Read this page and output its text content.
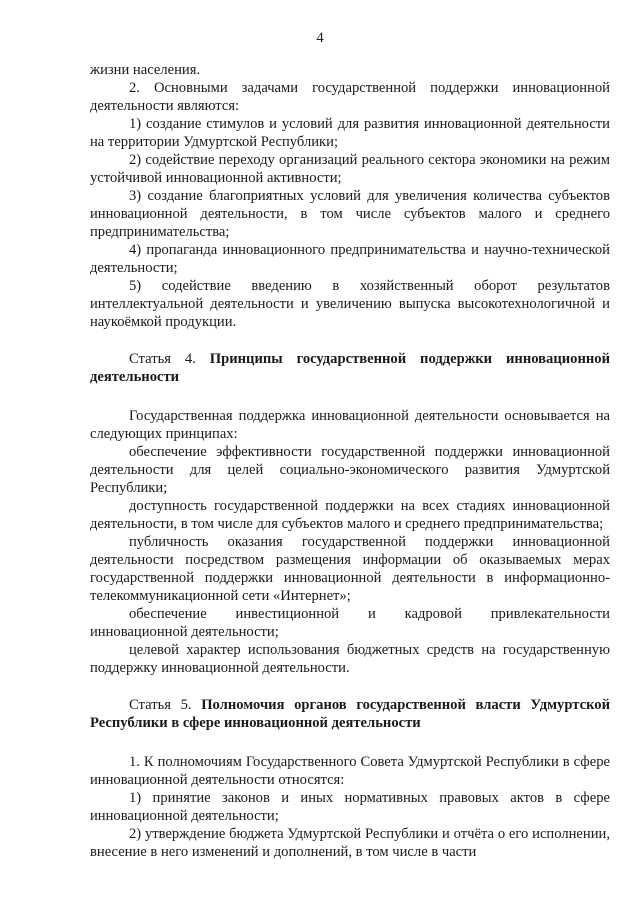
4

жизни населения.

2. Основными задачами государственной поддержки инновационной деятельности являются:

1) создание стимулов и условий для развития инновационной деятельности на территории Удмуртской Республики;

2) содействие переходу организаций реального сектора экономики на режим устойчивой инновационной активности;

3) создание благоприятных условий для увеличения количества субъектов инновационной деятельности, в том числе субъектов малого и среднего предпринимательства;

4) пропаганда инновационного предпринимательства и научно-технической деятельности;

5) содействие введению в хозяйственный оборот результатов интеллектуальной деятельности и увеличению выпуска высокотехнологичной и наукоёмкой продукции.

Статья 4. Принципы государственной поддержки инновационной деятельности

Государственная поддержка инновационной деятельности основывается на следующих принципах:

обеспечение эффективности государственной поддержки инновационной деятельности для целей социально-экономического развития Удмуртской Республики;

доступность государственной поддержки на всех стадиях инновационной деятельности, в том числе для субъектов малого и среднего предпринимательства;

публичность оказания государственной поддержки инновационной деятельности посредством размещения информации об оказываемых мерах государственной поддержки инновационной деятельности в информационно-телекоммуникационной сети «Интернет»;

обеспечение инвестиционной и кадровой привлекательности инновационной деятельности;

целевой характер использования бюджетных средств на государственную поддержку инновационной деятельности.

Статья 5. Полномочия органов государственной власти Удмуртской Республики в сфере инновационной деятельности

1. К полномочиям Государственного Совета Удмуртской Республики в сфере инновационной деятельности относятся:

1) принятие законов и иных нормативных правовых актов в сфере инновационной деятельности;

2) утверждение бюджета Удмуртской Республики и отчёта о его исполнении, внесение в него изменений и дополнений, в том числе в части
